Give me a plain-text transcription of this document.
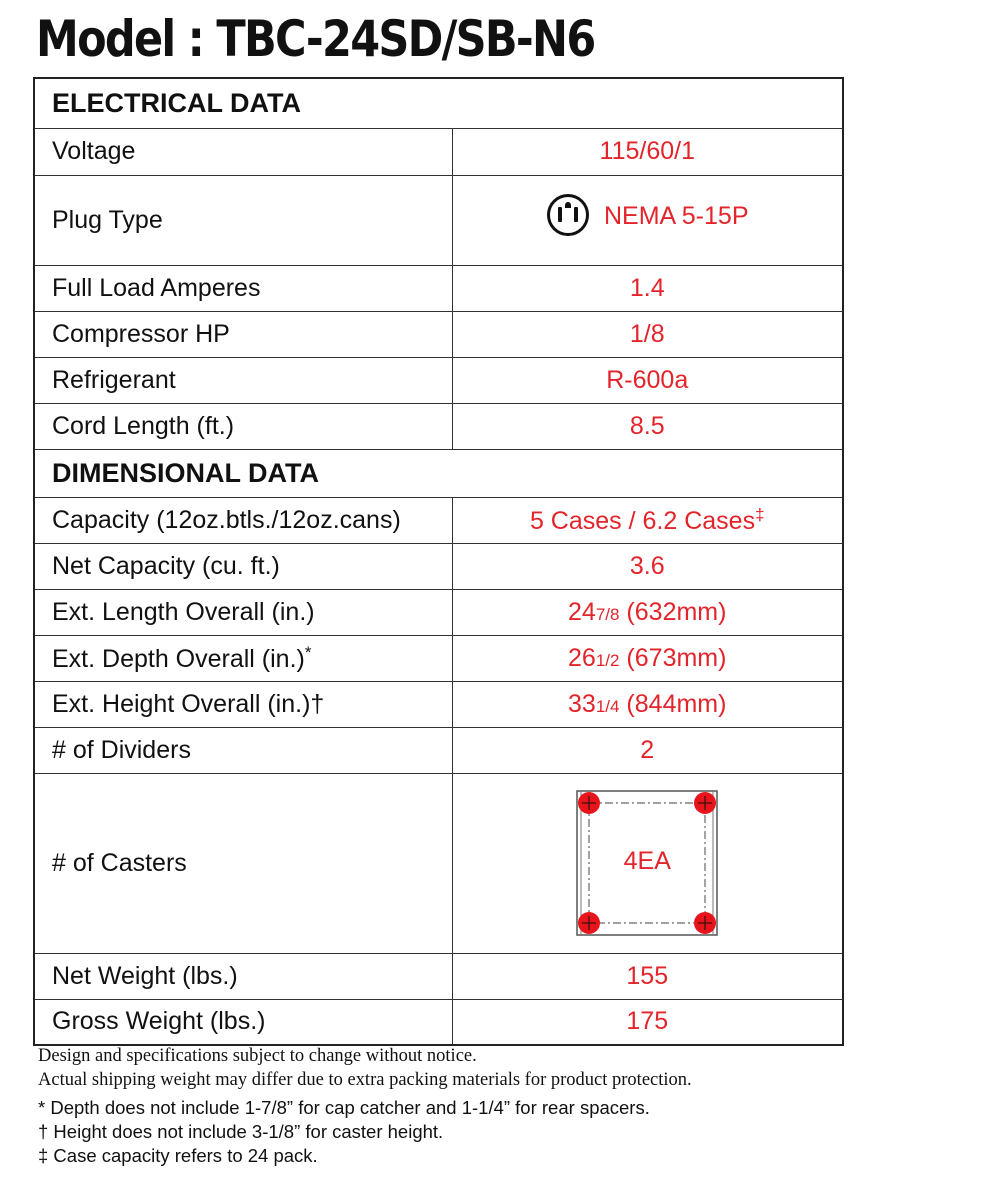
Model : TBC-24SD/SB-N6
ELECTRICAL DATA	
Voltage	115/60/1
Plug Type	NEMA 5-15P

Full Load Amperes	1.4
Compressor HP	1/8
Refrigerant	R-600a
Cord Length (ft.)	8.5
DIMENSIONAL DATA	
Capacity (12oz.btls./12oz.cans)	5 Cases / 6.2 Cases‡
Net Capacity (cu. ft.)	3.6
Ext. Length Overall (in.)	247/8 (632mm)
Ext. Depth Overall (in.)*	261/2 (673mm)
Ext. Height Overall (in.)†	331/4 (844mm)
# of Dividers	2
# of Casters	4EA

Net Weight (lbs.)	155
Gross Weight (lbs.)	175
Design and specifications subject to change without notice.
Actual shipping weight may differ due to extra packing materials for product protection.
* Depth does not include 1-7/8” for cap catcher and 1-1/4” for rear spacers.
† Height does not include 3-1/8” for caster height.
‡ Case capacity refers to 24 pack.
